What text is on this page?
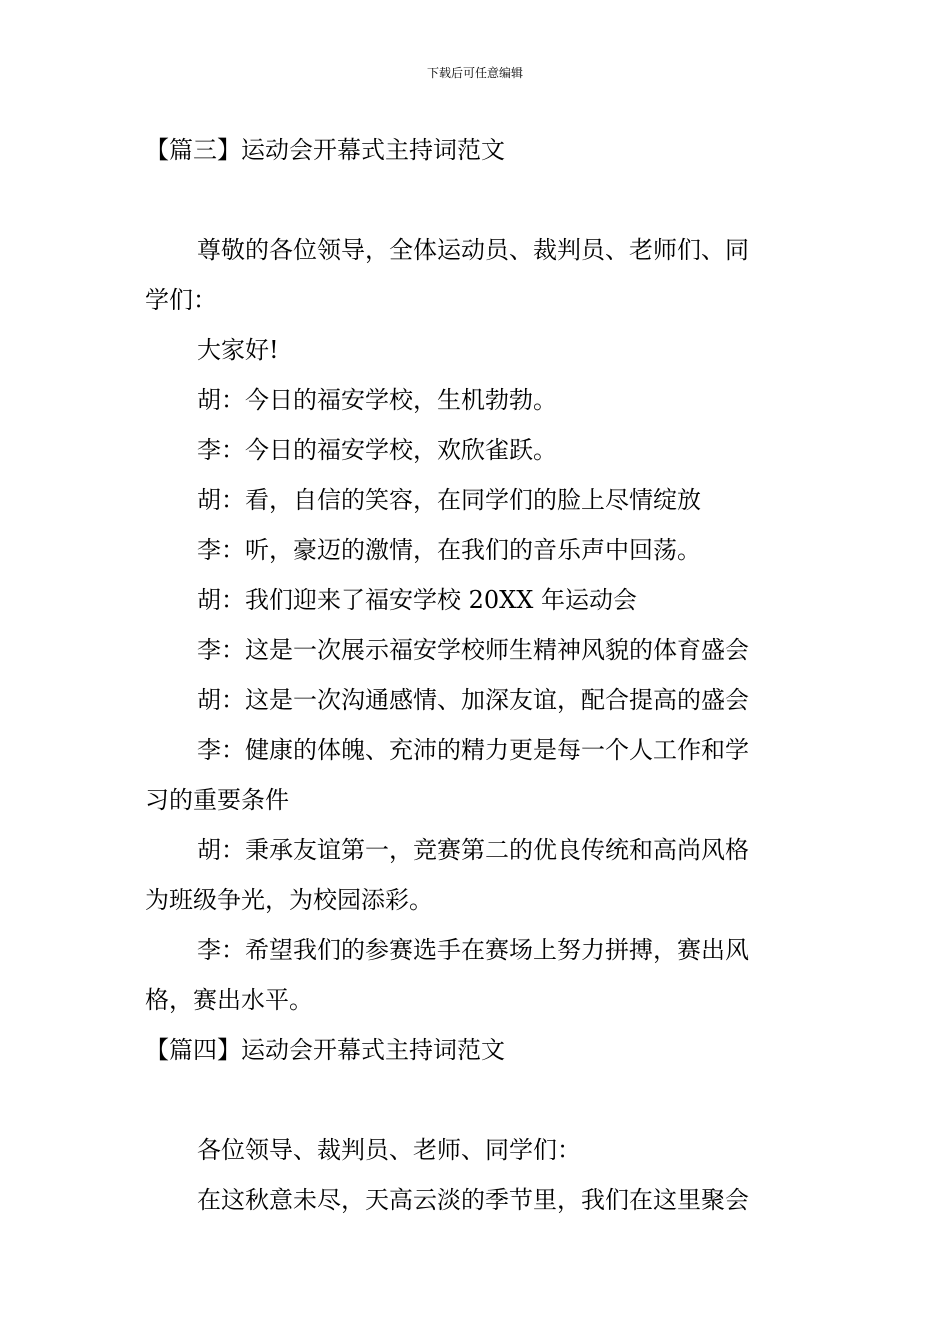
下载后可任意编辑
【篇三】运动会开幕式主持词范文
尊敬的各位领导，全体运动员、裁判员、老师们、同
学们：
大家好!
胡：今日的福安学校，生机勃勃。
李：今日的福安学校，欢欣雀跃。
胡：看，自信的笑容，在同学们的脸上尽情绽放
李：听，豪迈的激情，在我们的音乐声中回荡。
胡：我们迎来了福安学校 20XX 年运动会
李：这是一次展示福安学校师生精神风貌的体育盛会
胡：这是一次沟通感情、加深友谊，配合提高的盛会
李：健康的体魄、充沛的精力更是每一个人工作和学
习的重要条件
胡：秉承友谊第一，竞赛第二的优良传统和高尚风格
为班级争光，为校园添彩。
李：希望我们的参赛选手在赛场上努力拼搏，赛出风
格，赛出水平。
【篇四】运动会开幕式主持词范文
各位领导、裁判员、老师、同学们：
在这秋意未尽，天高云淡的季节里，我们在这里聚会
